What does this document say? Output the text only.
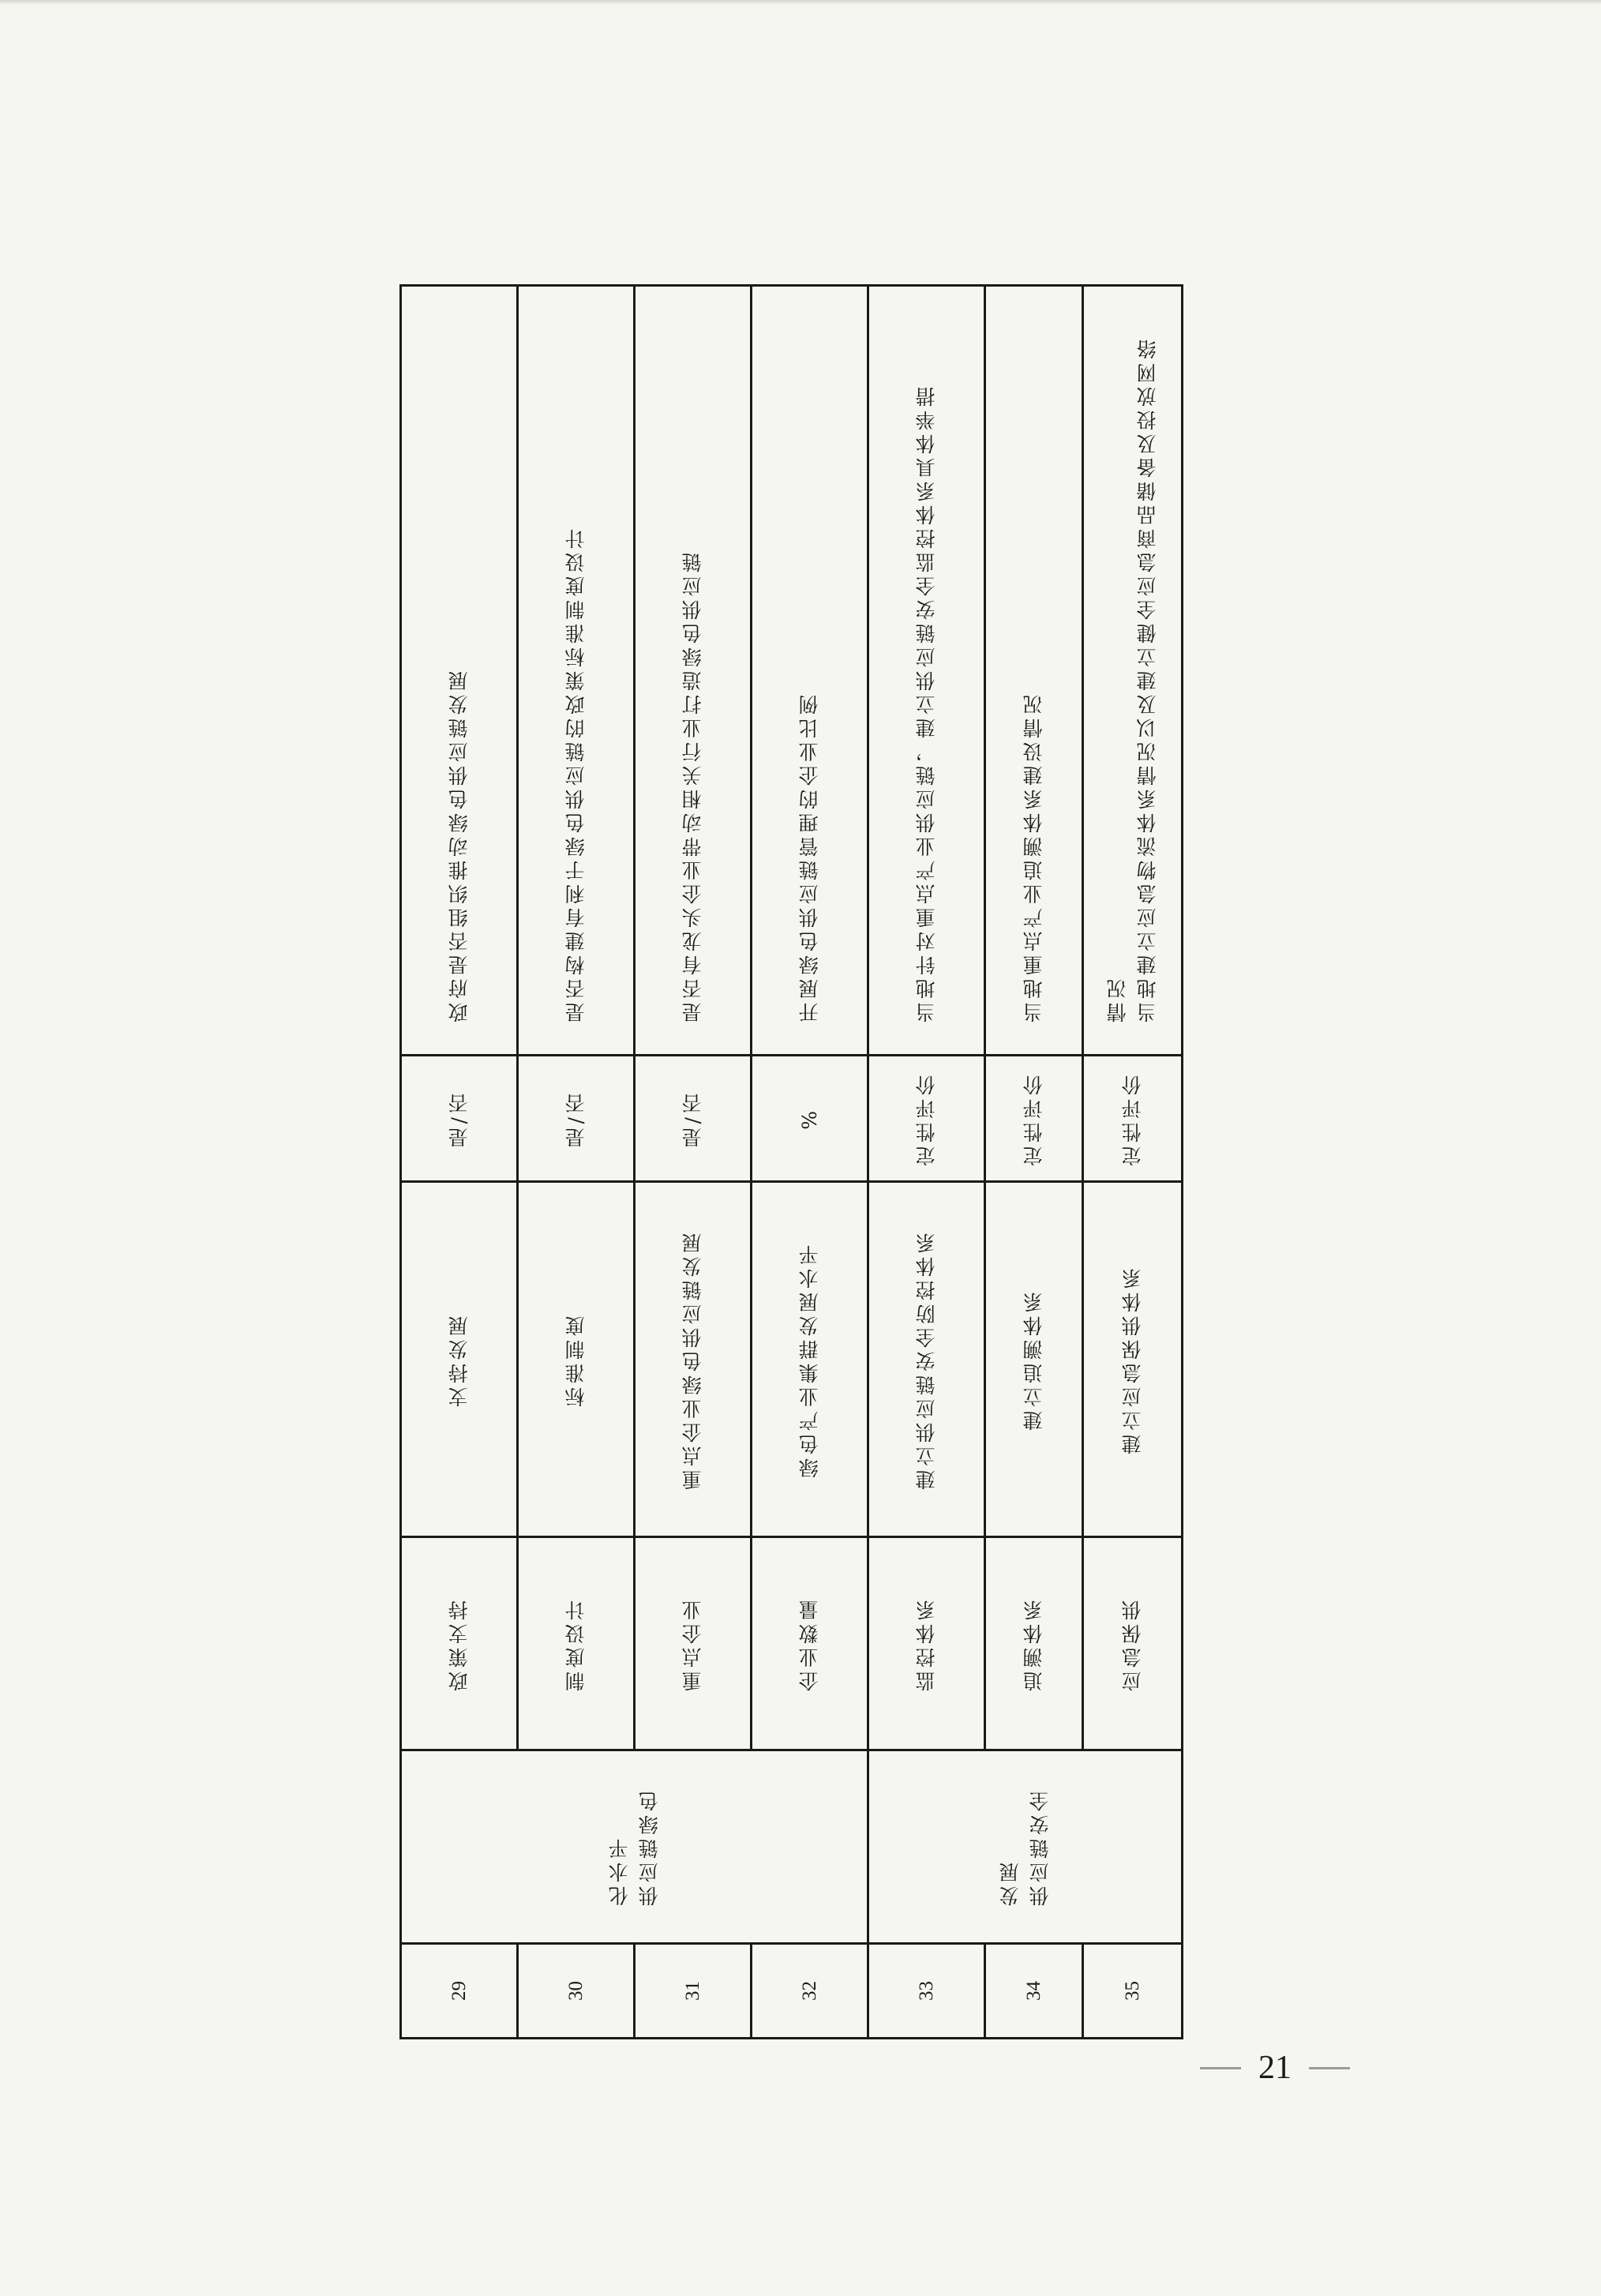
政府是否组织推动绿色供应链发展	是否构建有利于绿色供应链的政策标准制度设计	是否有龙头企业带动相关行业打造绿色供应链	开展绿色供应链管理的企业比例	当地针对重点产业供应链，建立供应链安全监控体系具体举措	当地重点产业追溯体系建设情况	当地建立应急物流体系情况以及建立健全应急商品储备及投放网络情况

是/否	是/否	是/否	%	定性评价	定性评价	定性评价

支持发展	标准制度	重点企业绿色供应链发展	绿色产业集群发展水平	建立供应链安全防控体系	建立追溯体系	建立应急保供体系

政策支持	制度设计	重点企业	企业数量	监控体系	追溯体系	应急保供

供应链绿色化水平				供应链安全发展		

29	30	31	32	33	34	35
21
